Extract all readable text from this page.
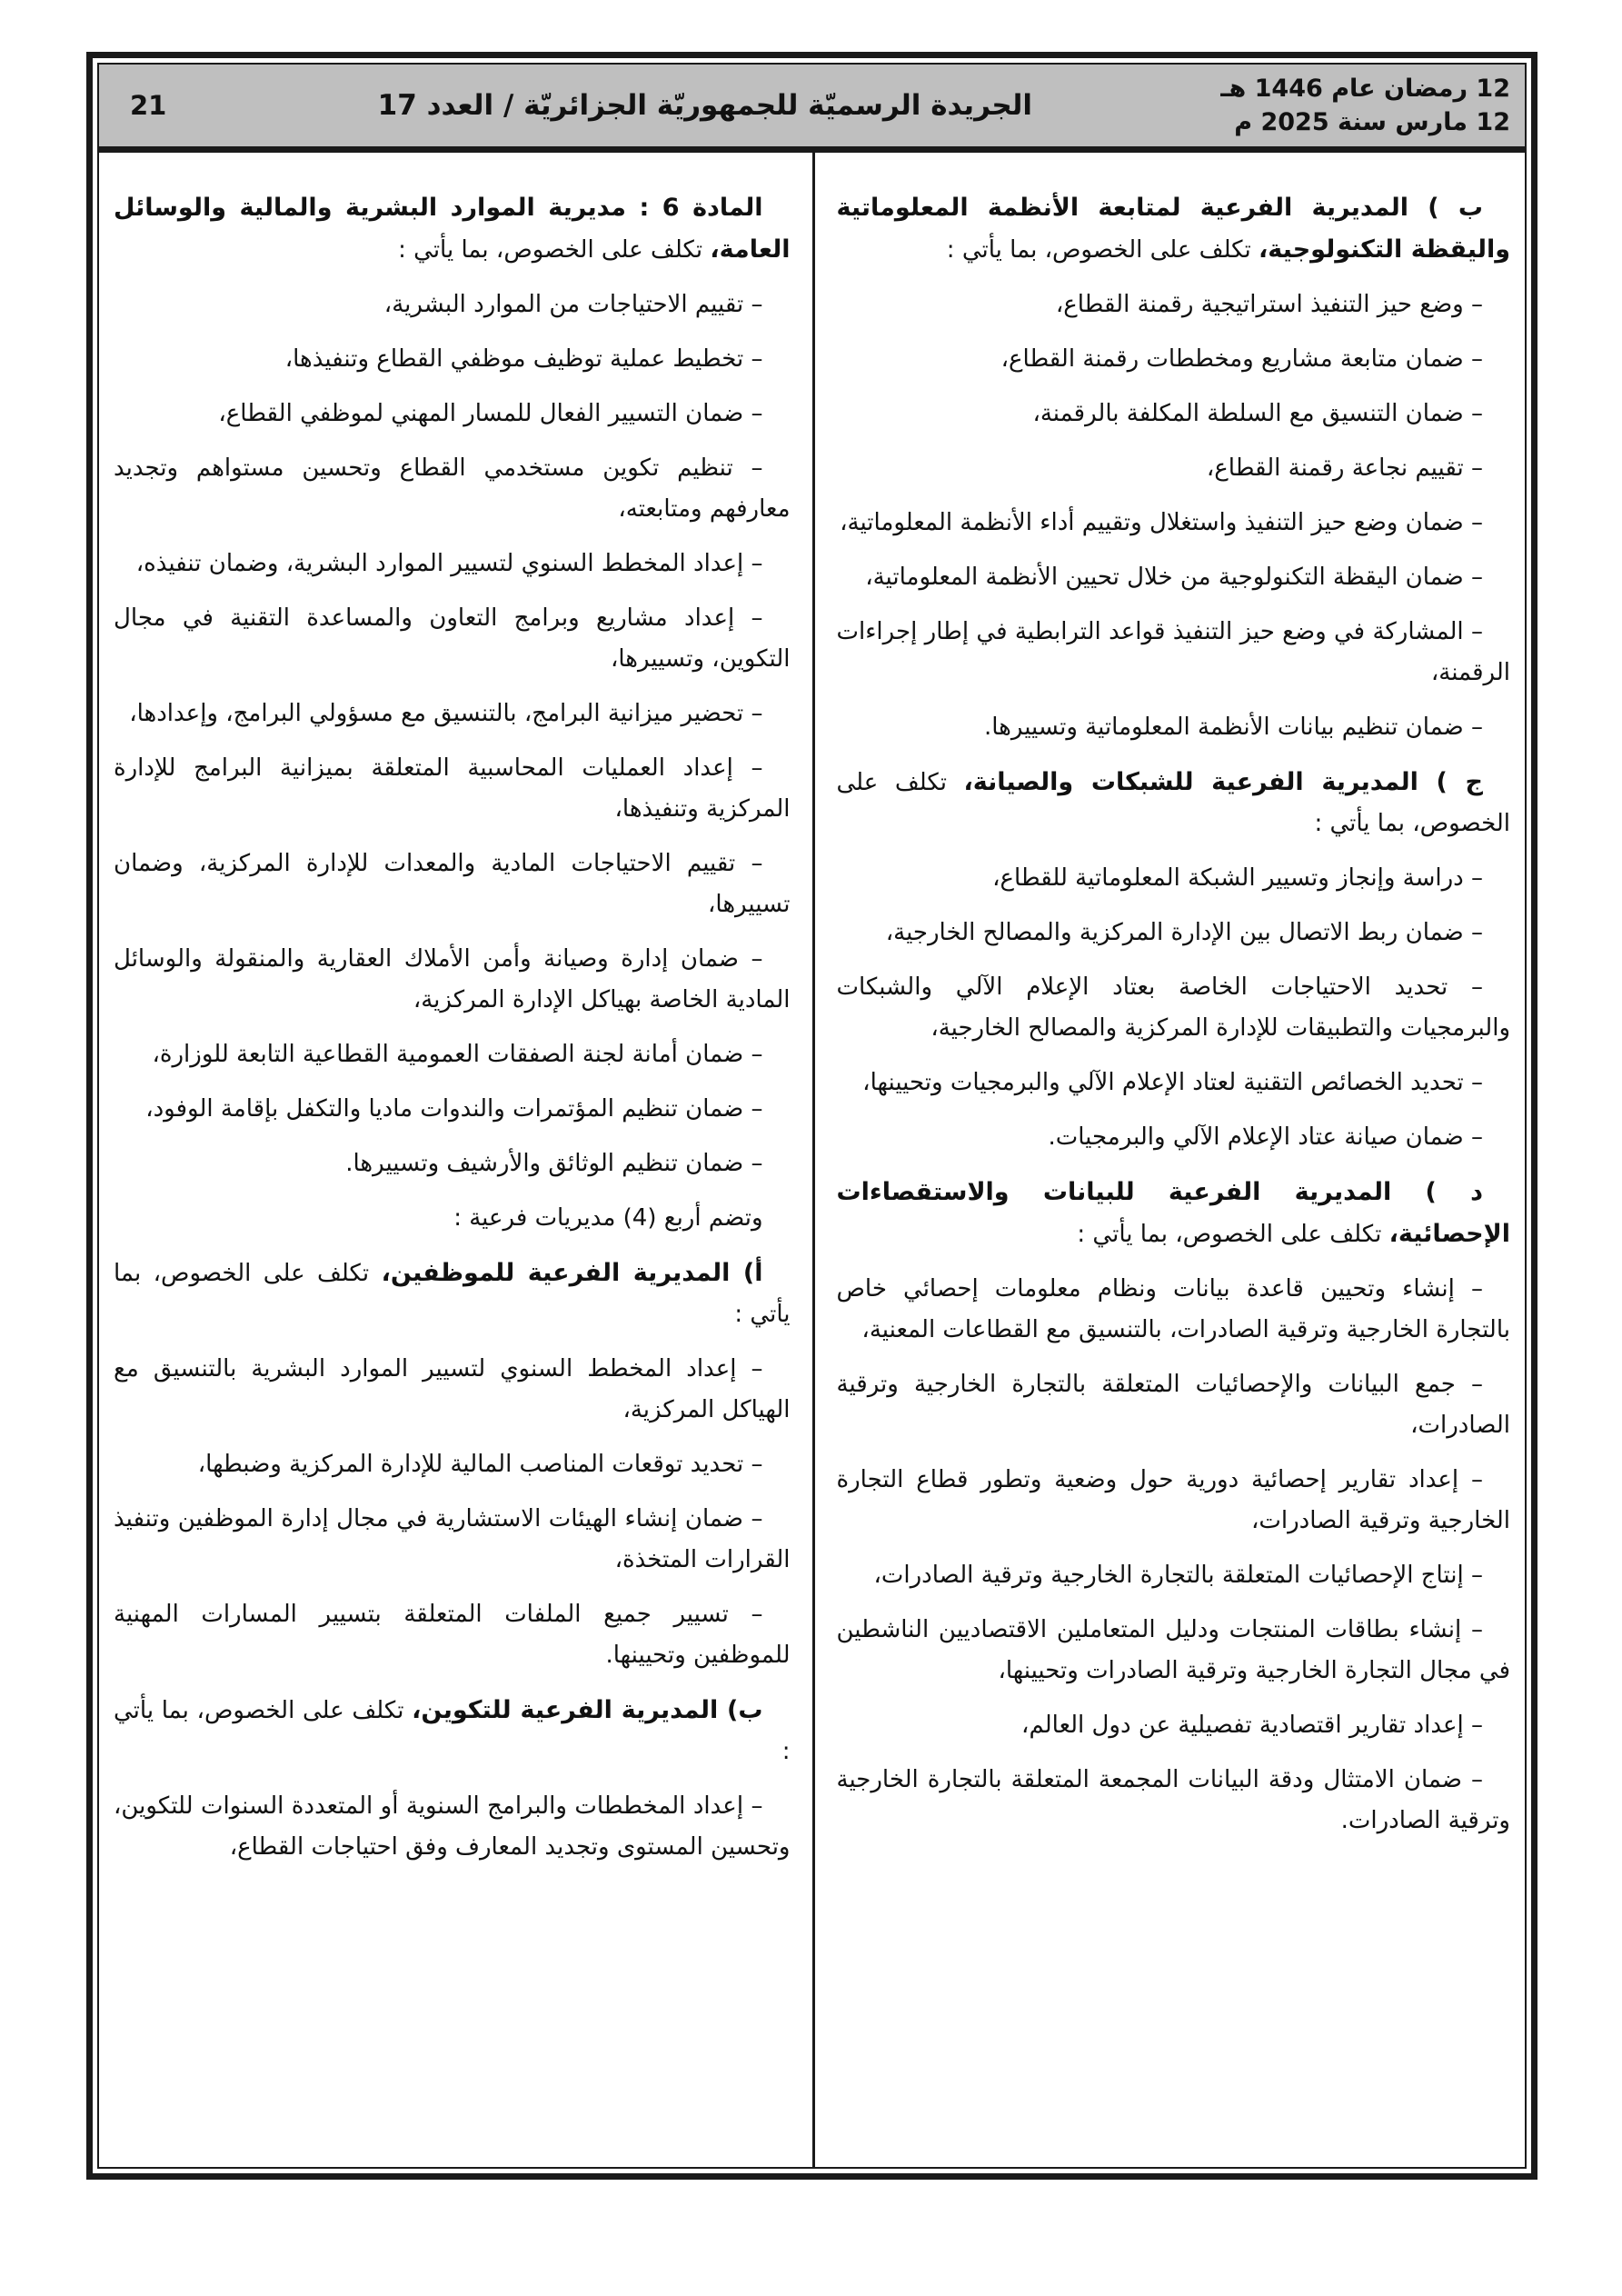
12 رمضان عام 1446 هـ
12 مارس سنة 2025 م
الجريدة الرسميّة للجمهوريّة الجزائريّة / العدد 17
21

ب ) المديرية الفرعية لمتابعة الأنظمة المعلوماتية واليقظة التكنولوجية، تكلف على الخصوص، بما يأتي :

– وضع حيز التنفيذ استراتيجية رقمنة القطاع،

– ضمان متابعة مشاريع ومخططات رقمنة القطاع،

– ضمان التنسيق مع السلطة المكلفة بالرقمنة،

– تقييم نجاعة رقمنة القطاع،

– ضمان وضع حيز التنفيذ واستغلال وتقييم أداء الأنظمة المعلوماتية،

– ضمان اليقظة التكنولوجية من خلال تحيين الأنظمة المعلوماتية،

– المشاركة في وضع حيز التنفيذ قواعد الترابطية في إطار إجراءات الرقمنة،

– ضمان تنظيم بيانات الأنظمة المعلوماتية وتسييرها.

ج ) المديرية الفرعية للشبكات والصيانة، تكلف على الخصوص، بما يأتي :

– دراسة وإنجاز وتسيير الشبكة المعلوماتية للقطاع،

– ضمان ربط الاتصال بين الإدارة المركزية والمصالح الخارجية،

– تحديد الاحتياجات الخاصة بعتاد الإعلام الآلي والشبكات والبرمجيات والتطبيقات للإدارة المركزية والمصالح الخارجية،

– تحديد الخصائص التقنية لعتاد الإعلام الآلي والبرمجيات وتحيينها،

– ضمان صيانة عتاد الإعلام الآلي والبرمجيات.

د ) المديرية الفرعية للبيانات والاستقصاءات الإحصائية، تكلف على الخصوص، بما يأتي :

– إنشاء وتحيين قاعدة بيانات ونظام معلومات إحصائي خاص بالتجارة الخارجية وترقية الصادرات، بالتنسيق مع القطاعات المعنية،

– جمع البيانات والإحصائيات المتعلقة بالتجارة الخارجية وترقية الصادرات،

– إعداد تقارير إحصائية دورية حول وضعية وتطور قطاع التجارة الخارجية وترقية الصادرات،

– إنتاج الإحصائيات المتعلقة بالتجارة الخارجية وترقية الصادرات،

– إنشاء بطاقات المنتجات ودليل المتعاملين الاقتصاديين الناشطين في مجال التجارة الخارجية وترقية الصادرات وتحيينها،

– إعداد تقارير اقتصادية تفصيلية عن دول العالم،

– ضمان الامتثال ودقة البيانات المجمعة المتعلقة بالتجارة الخارجية وترقية الصادرات.

المادة 6 : مديرية الموارد البشرية والمالية والوسائل العامة، تكلف على الخصوص، بما يأتي :

– تقييم الاحتياجات من الموارد البشرية،

– تخطيط عملية توظيف موظفي القطاع وتنفيذها،

– ضمان التسيير الفعال للمسار المهني لموظفي القطاع،

– تنظيم تكوين مستخدمي القطاع وتحسين مستواهم وتجديد معارفهم ومتابعته،

– إعداد المخطط السنوي لتسيير الموارد البشرية، وضمان تنفيذه،

– إعداد مشاريع وبرامج التعاون والمساعدة التقنية في مجال التكوين، وتسييرها،

– تحضير ميزانية البرامج، بالتنسيق مع مسؤولي البرامج، وإعدادها،

– إعداد العمليات المحاسبية المتعلقة بميزانية البرامج للإدارة المركزية وتنفيذها،

– تقييم الاحتياجات المادية والمعدات للإدارة المركزية، وضمان تسييرها،

– ضمان إدارة وصيانة وأمن الأملاك العقارية والمنقولة والوسائل المادية الخاصة بهياكل الإدارة المركزية،

– ضمان أمانة لجنة الصفقات العمومية القطاعية التابعة للوزارة،

– ضمان تنظيم المؤتمرات والندوات ماديا والتكفل بإقامة الوفود،

– ضمان تنظيم الوثائق والأرشيف وتسييرها.

وتضم أربع (4) مديريات فرعية :

أ) المديرية الفرعية للموظفين، تكلف على الخصوص، بما يأتي :

– إعداد المخطط السنوي لتسيير الموارد البشرية بالتنسيق مع الهياكل المركزية،

– تحديد توقعات المناصب المالية للإدارة المركزية وضبطها،

– ضمان إنشاء الهيئات الاستشارية في مجال إدارة الموظفين وتنفيذ القرارات المتخذة،

– تسيير جميع الملفات المتعلقة بتسيير المسارات المهنية للموظفين وتحيينها.

ب) المديرية الفرعية للتكوين، تكلف على الخصوص، بما يأتي :

– إعداد المخططات والبرامج السنوية أو المتعددة السنوات للتكوين، وتحسين المستوى وتجديد المعارف وفق احتياجات القطاع،
